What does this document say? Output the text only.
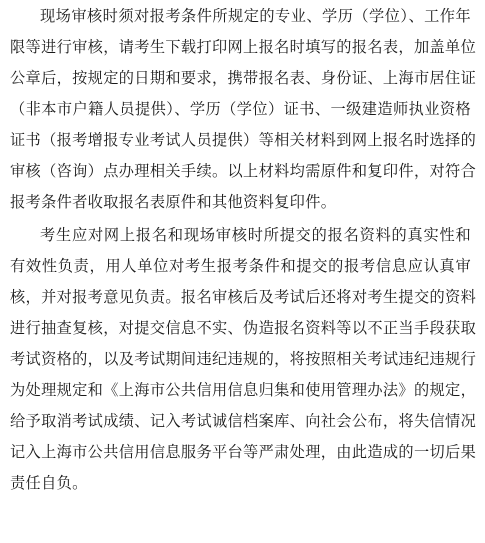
现场审核时须对报考条件所规定的专业、学历（学位）、工作年
限等进行审核，请考生下载打印网上报名时填写的报名表，加盖单位
公章后，按规定的日期和要求，携带报名表、身份证、上海市居住证
（非本市户籍人员提供）、学历（学位）证书、一级建造师执业资格
证书（报考增报专业考试人员提供）等相关材料到网上报名时选择的
审核（咨询）点办理相关手续。以上材料均需原件和复印件，对符合
报考条件者收取报名表原件和其他资料复印件。
考生应对网上报名和现场审核时所提交的报名资料的真实性和
有效性负责，用人单位对考生报考条件和提交的报考信息应认真审
核，并对报考意见负责。报名审核后及考试后还将对考生提交的资料
进行抽查复核，对提交信息不实、伪造报名资料等以不正当手段获取
考试资格的，以及考试期间违纪违规的，将按照相关考试违纪违规行
为处理规定和《上海市公共信用信息归集和使用管理办法》的规定，
给予取消考试成绩、记入考试诚信档案库、向社会公布，将失信情况
记入上海市公共信用信息服务平台等严肃处理，由此造成的一切后果
责任自负。
